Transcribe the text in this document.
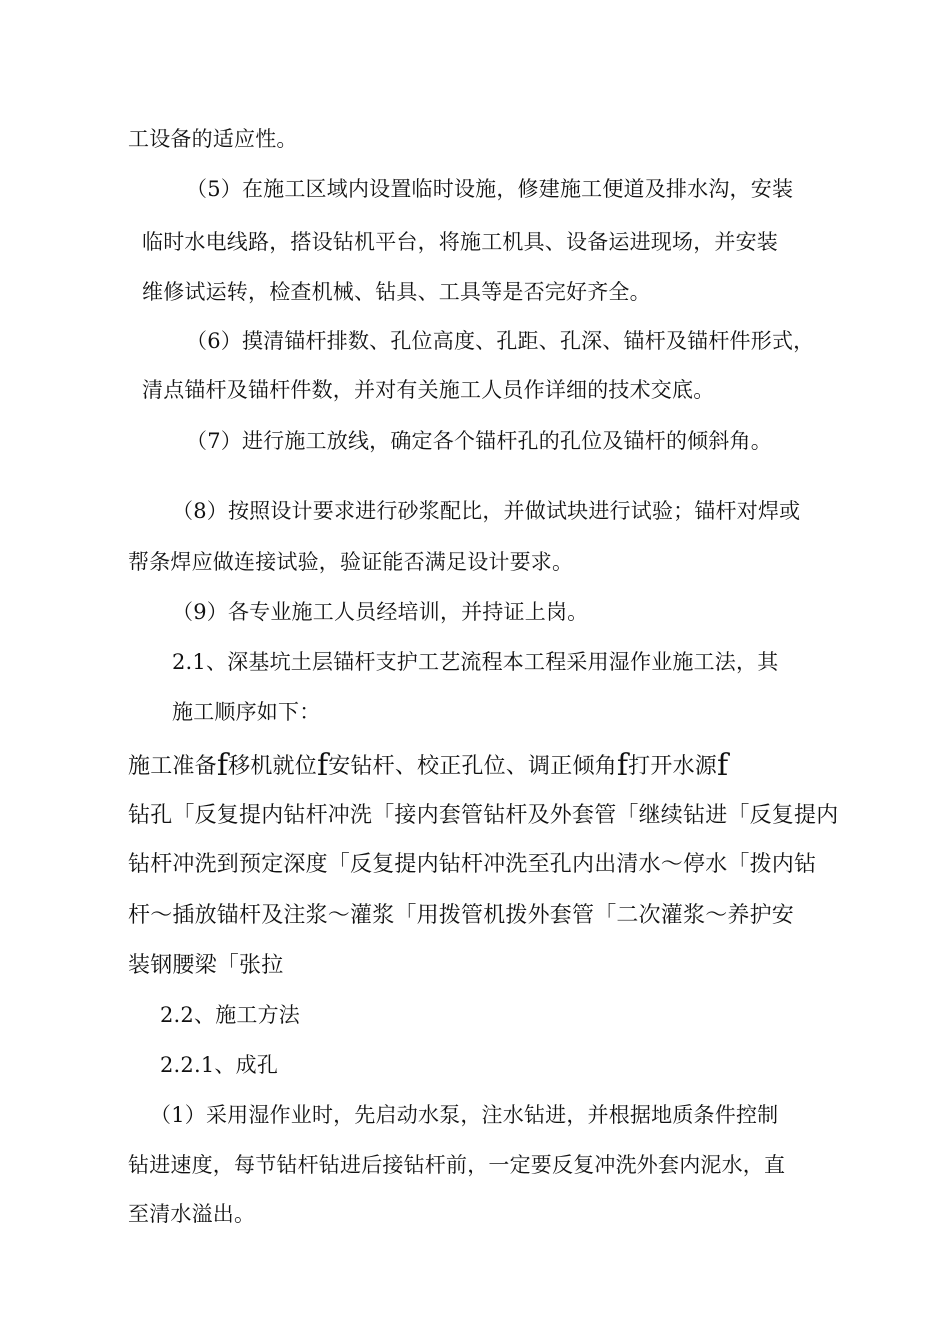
工设备的适应性。
（5）在施工区域内设置临时设施，修建施工便道及排水沟，安装
临时水电线路，搭设钻机平台，将施工机具、设备运进现场，并安装
维修试运转，检查机械、钻具、工具等是否完好齐全。
（6）摸清锚杆排数、孔位高度、孔距、孔深、锚杆及锚杆件形式，
清点锚杆及锚杆件数，并对有关施工人员作详细的技术交底。
（7）进行施工放线，确定各个锚杆孔的孔位及锚杆的倾斜角。
（8）按照设计要求进行砂浆配比，并做试块进行试验；锚杆对焊或
帮条焊应做连接试验，验证能否满足设计要求。
（9）各专业施工人员经培训，并持证上岗。
2.1、深基坑土层锚杆支护工艺流程本工程采用湿作业施工法，其
施工顺序如下：
施工准备f移机就位f安钻杆、校正孔位、调正倾角f打开水源f
钻孔「反复提内钻杆冲洗「接内套管钻杆及外套管「继续钻进「反复提内
钻杆冲洗到预定深度「反复提内钻杆冲洗至孔内出清水〜停水「拨内钻
杆〜插放锚杆及注浆〜灌浆「用拨管机拨外套管「二次灌浆〜养护安
装钢腰梁「张拉
2.2、施工方法
2.2.1、成孔
（1）采用湿作业时，先启动水泵，注水钻进，并根据地质条件控制
钻进速度，每节钻杆钻进后接钻杆前，一定要反复冲洗外套内泥水，直
至清水溢出。
